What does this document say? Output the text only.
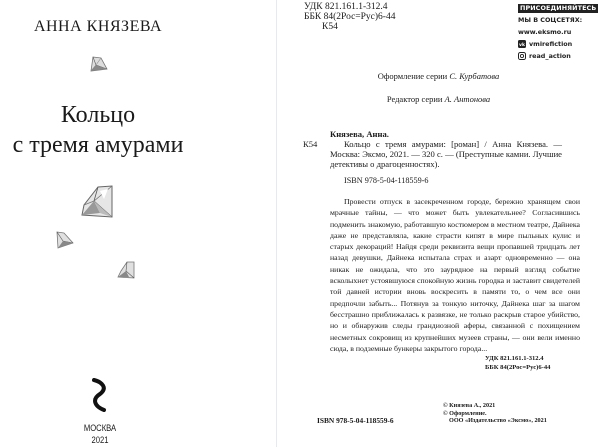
АННА КНЯЗЕВА
Кольцо
с тремя амурами
МОСКВА
2021
УДК 821.161.1-312.4
ББК 84(2Рос=Рус)6-44
К54
ПРИСОЕДИНЯЙТЕСЬ
МЫ В СОЦСЕТЯХ:
www.eksmo.ru
vk vmirefiction
read_action
Оформление серии С. Курбатова
Редактор серии А. Антонова
К54
Князева, Анна.
Кольцо с тремя амурами: [роман] / Анна Князева. — Москва: Эксмо, 2021. — 320 с. — (Преступные камни. Лучшие детективы о драгоценностях).
ISBN 978-5-04-118559-6
Провести отпуск в засекреченном городе, бережно хранящем свои мрачные тайны, — что может быть увлекательнее? Согласившись подменить знакомую, работавшую костюмером в местном театре, Дайнека даже не представляла, какие страсти кипят в мире пыльных кулис и старых декораций! Найдя среди реквизита вещи пропавшей тридцать лет назад девушки, Дайнека испытала страх и азарт одновременно — она никак не ожидала, что это заурядное на первый взгляд событие всколыхнет устоявшуюся спокойную жизнь городка и заставит свидетелей той давней истории вновь воскресить в памяти то, о чем все они предпочли забыть... Потянув за тонкую ниточку, Дайнека шаг за шагом бесстрашно приближалась к развязке, не только раскрыв старое убийство, но и обнаружив следы грандиозной аферы, связанной с похищением несметных сокровищ из крупнейших музеев страны, — они вели именно сюда, в подземные бункеры закрытого города...
УДК 821.161.1-312.4
ББК 84(2Рос=Рус)6-44
ISBN 978-5-04-118559-6
© Князева А., 2021
© Оформление.
ООО «Издательство «Эксмо», 2021
